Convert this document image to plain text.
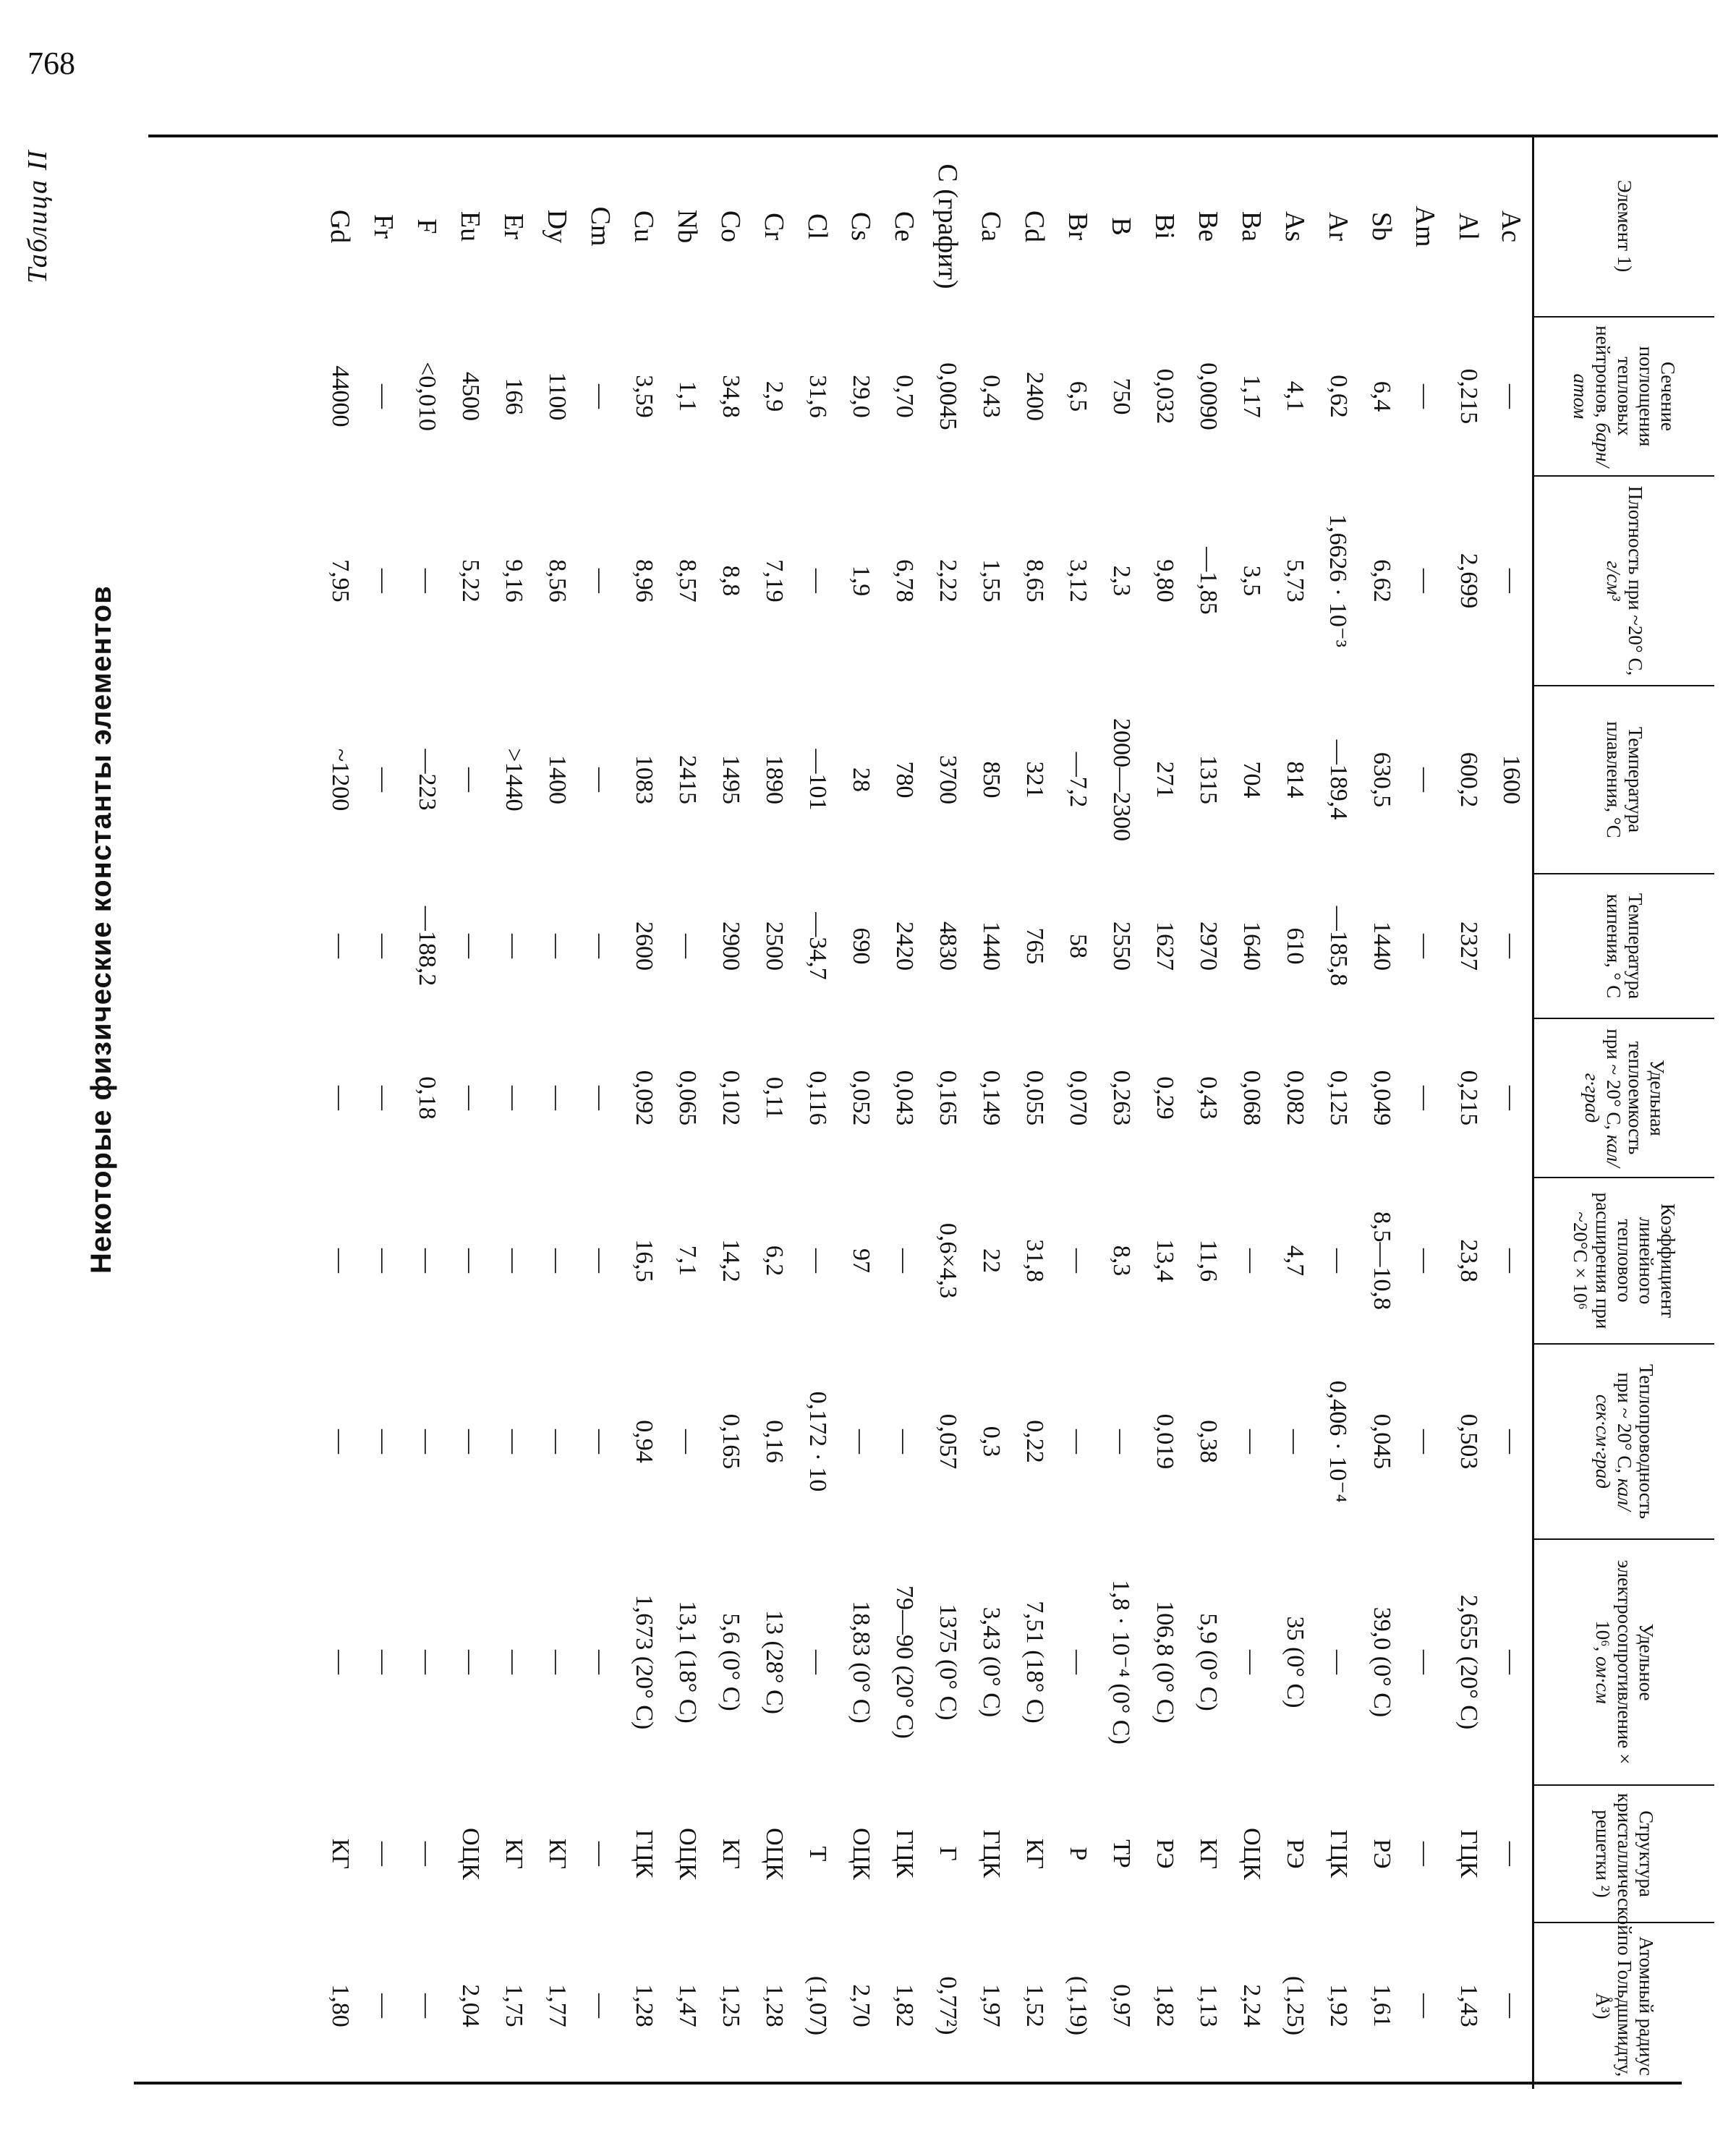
768
Таблица II
Некоторые физические константы элементов
Элемент 1)	Сечение поглощения тепловых нейтронов, барн/атом	Плотность при ~20° С, г/см³	Температура плавления, °С	Температура кипения, ° С	Удельная теплоемкость при ~ 20° С, кал/г·град	Коэффициент линейного теплового расширения при ~20°С × 10⁶	Теплопроводность при ~ 20° С, кал/сек·см·град	Удельное электросопротивление × 10⁶, ом·см	Структура кристаллической решетки ²)	Атомный радиус по Гольдшмидту, Å³)
Ac	—	—	1600	—	—	—	—	—	—	—
Al	0,215	2,699	600,2	2327	0,215	23,8	0,503	2,655 (20° С)	ГЦК	1,43
Am	—	—	—	—	—	—	—	—	—	—
Sb	6,4	6,62	630,5	1440	0,049	8,5—10,8	0,045	39,0 (0° С)	РЭ	1,61
Ar	0,62	1,6626 · 10⁻³	—189,4	—185,8	0,125	—	0,406 · 10⁻⁴	—	ГЦК	1,92
As	4,1	5,73	814	610	0,082	4,7	—	35 (0° С)	РЭ	(1,25)
Ba	1,17	3,5	704	1640	0,068	—	—	—	ОЦК	2,24
Be	0,0090	—1,85	1315	2970	0,43	11,6	0,38	5,9 (0° С)	КГ	1,13
Bi	0,032	9,80	271	1627	0,29	13,4	0,019	106,8 (0° С)	РЭ	1,82
B	750	2,3	2000—2300	2550	0,263	8,3	—	1,8 · 10⁻⁴ (0° С)	ТР	0,97
Br	6,5	3,12	—7,2	58	0,070	—	—	—	Р	(1,19)
Cd	2400	8,65	321	765	0,055	31,8	0,22	7,51 (18° С)	КГ	1,52
Ca	0,43	1,55	850	1440	0,149	22	0,3	3,43 (0° С)	ГЦК	1,97
C (графит)	0,0045	2,22	3700	4830	0,165	0,6×4,3	0,057	1375 (0° С)	Г	0,77²)
Ce	0,70	6,78	780	2420	0,043	—	—	79—90 (20° С)	ГЦК	1,82
Cs	29,0	1,9	28	690	0,052	97	—	18,83 (0° С)	ОЦК	2,70
Cl	31,6	—	—101	—34,7	0,116	—	0,172 · 10	—	Т	(1,07)
Cr	2,9	7,19	1890	2500	0,11	6,2	0,16	13 (28° С)	ОЦК	1,28
Co	34,8	8,8	1495	2900	0,102	14,2	0,165	5,6 (0° С)	КГ	1,25
Nb	1,1	8,57	2415	—	0,065	7,1	—	13,1 (18° С)	ОЦК	1,47
Cu	3,59	8,96	1083	2600	0,092	16,5	0,94	1,673 (20° С)	ГЦК	1,28
Cm	—	—	—	—	—	—	—	—	—	—
Dy	1100	8,56	1400	—	—	—	—	—	КГ	1,77
Er	166	9,16	>1440	—	—	—	—	—	КГ	1,75
Eu	4500	5,22	—	—	—	—	—	—	ОЦК	2,04
F	<0,010	—	—223	—188,2	0,18	—	—	—	—	—
Fr	—	—	—	—	—	—	—	—	—	—
Gd	44000	7,95	~1200	—	—	—	—	—	КГ	1,80
